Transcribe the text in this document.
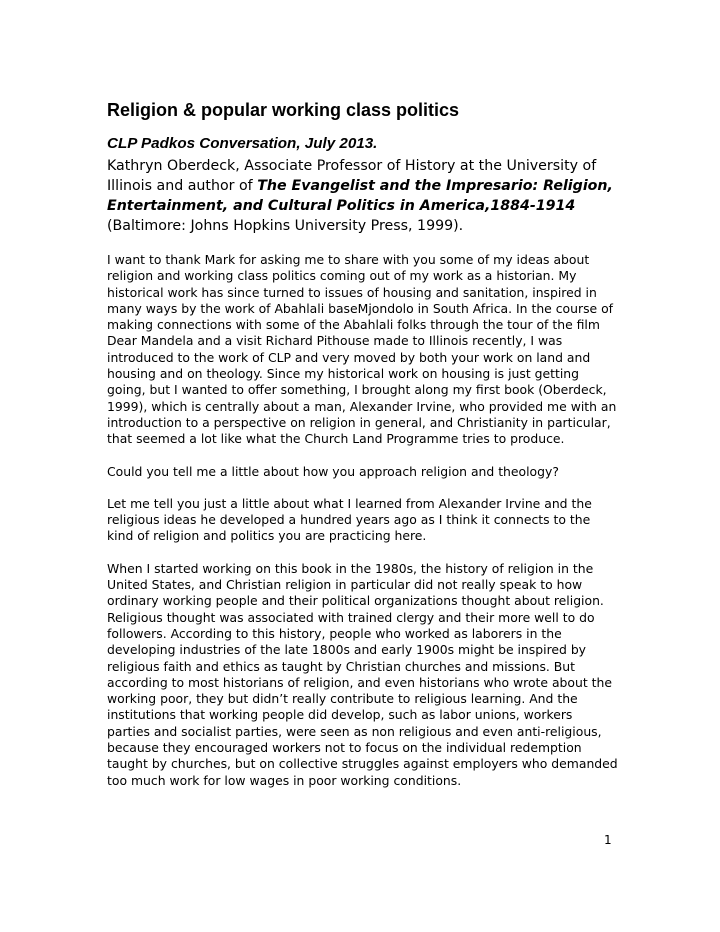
Religion & popular working class politics
CLP Padkos Conversation, July 2013.

Kathryn Oberdeck, Associate Professor of History at the University of Illinois and author of The Evangelist and the Impresario: Religion, Entertainment, and Cultural Politics in America,1884-1914 (Baltimore: Johns Hopkins University Press, 1999).

I want to thank Mark for asking me to share with you some of my ideas about religion and working class politics coming out of my work as a historian. My historical work has since turned to issues of housing and sanitation, inspired in many ways by the work of Abahlali baseMjondolo in South Africa. In the course of making connections with some of the Abahlali folks through the tour of the film Dear Mandela and a visit Richard Pithouse made to Illinois recently, I was introduced to the work of CLP and very moved by both your work on land and housing and on theology. Since my historical work on housing is just getting going, but I wanted to offer something, I brought along my first book (Oberdeck, 1999), which is centrally about a man, Alexander Irvine, who provided me with an introduction to a perspective on religion in general, and Christianity in particular, that seemed a lot like what the Church Land Programme tries to produce.

Could you tell me a little about how you approach religion and theology?

Let me tell you just a little about what I learned from Alexander Irvine and the religious ideas he developed a hundred years ago as I think it connects to the kind of religion and politics you are practicing here.

When I started working on this book in the 1980s, the history of religion in the United States, and Christian religion in particular did not really speak to how ordinary working people and their political organizations thought about religion. Religious thought was associated with trained clergy and their more well to do followers. According to this history, people who worked as laborers in the developing industries of the late 1800s and early 1900s might be inspired by religious faith and ethics as taught by Christian churches and missions. But according to most historians of religion, and even historians who wrote about the working poor, they but didn’t really contribute to religious learning. And the institutions that working people did develop, such as labor unions, workers parties and socialist parties, were seen as non religious and even anti-religious, because they encouraged workers not to focus on the individual redemption taught by churches, but on collective struggles against employers who demanded too much work for low wages in poor working conditions.

1
